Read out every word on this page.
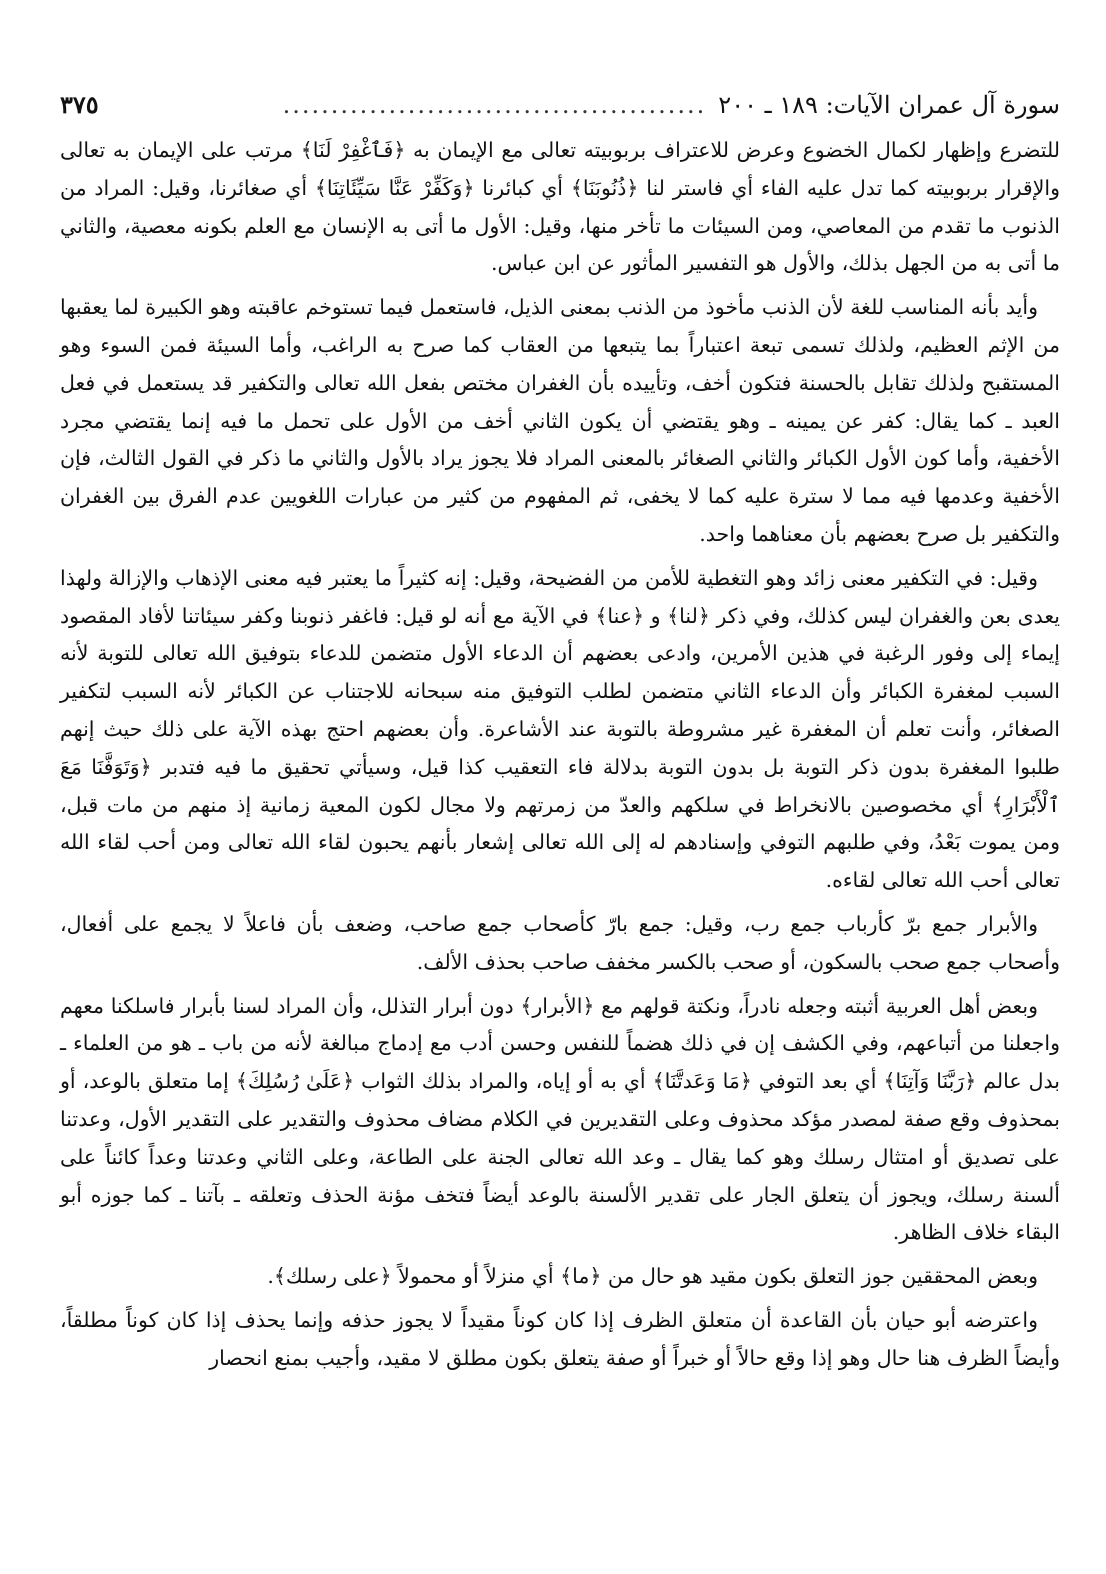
سورة آل عمران الآيات: ١٨٩ ـ ٢٠٠
............................................
٣٧٥

للتضرع وإظهار لكمال الخضوع وعرض للاعتراف بربوبيته تعالى مع الإيمان به ﴿فَٱغْفِرْ لَنَا﴾ مرتب على الإيمان به تعالى والإقرار بربوبيته كما تدل عليه الفاء أي فاستر لنا ﴿ذُنُوبَنَا﴾ أي كبائرنا ﴿وَكَفِّرْ عَنَّا سَيِّئَاتِنَا﴾ أي صغائرنا، وقيل: المراد من الذنوب ما تقدم من المعاصي، ومن السيئات ما تأخر منها، وقيل: الأول ما أتى به الإنسان مع العلم بكونه معصية، والثاني ما أتى به من الجهل بذلك، والأول هو التفسير المأثور عن ابن عباس.

وأيد بأنه المناسب للغة لأن الذنب مأخوذ من الذنب بمعنى الذيل، فاستعمل فيما تستوخم عاقبته وهو الكبيرة لما يعقبها من الإثم العظيم، ولذلك تسمى تبعة اعتباراً بما يتبعها من العقاب كما صرح به الراغب، وأما السيئة فمن السوء وهو المستقبح ولذلك تقابل بالحسنة فتكون أخف، وتأييده بأن الغفران مختص بفعل الله تعالى والتكفير قد يستعمل في فعل العبد ـ كما يقال: كفر عن يمينه ـ وهو يقتضي أن يكون الثاني أخف من الأول على تحمل ما فيه إنما يقتضي مجرد الأخفية، وأما كون الأول الكبائر والثاني الصغائر بالمعنى المراد فلا يجوز يراد بالأول والثاني ما ذكر في القول الثالث، فإن الأخفية وعدمها فيه مما لا سترة عليه كما لا يخفى، ثم المفهوم من كثير من عبارات اللغويين عدم الفرق بين الغفران والتكفير بل صرح بعضهم بأن معناهما واحد.

وقيل: في التكفير معنى زائد وهو التغطية للأمن من الفضيحة، وقيل: إنه كثيراً ما يعتبر فيه معنى الإذهاب والإزالة ولهذا يعدى بعن والغفران ليس كذلك، وفي ذكر ﴿لنا﴾ و ﴿عنا﴾ في الآية مع أنه لو قيل: فاغفر ذنوبنا وكفر سيئاتنا لأفاد المقصود إيماء إلى وفور الرغبة في هذين الأمرين، وادعى بعضهم أن الدعاء الأول متضمن للدعاء بتوفيق الله تعالى للتوبة لأنه السبب لمغفرة الكبائر وأن الدعاء الثاني متضمن لطلب التوفيق منه سبحانه للاجتناب عن الكبائر لأنه السبب لتكفير الصغائر، وأنت تعلم أن المغفرة غير مشروطة بالتوبة عند الأشاعرة. وأن بعضهم احتج بهذه الآية على ذلك حيث إنهم طلبوا المغفرة بدون ذكر التوبة بل بدون التوبة بدلالة فاء التعقيب كذا قيل، وسيأتي تحقيق ما فيه فتدبر ﴿وَتَوَفَّنَا مَعَ ٱلْأَبْرَارِ﴾ أي مخصوصين بالانخراط في سلكهم والعدّ من زمرتهم ولا مجال لكون المعية زمانية إذ منهم من مات قبل، ومن يموت بَعْدُ، وفي طلبهم التوفي وإسنادهم له إلى الله تعالى إشعار بأنهم يحبون لقاء الله تعالى ومن أحب لقاء الله تعالى أحب الله تعالى لقاءه.

والأبرار جمع برّ كأرباب جمع رب، وقيل: جمع بارّ كأصحاب جمع صاحب، وضعف بأن فاعلاً لا يجمع على أفعال، وأصحاب جمع صحب بالسكون، أو صحب بالكسر مخفف صاحب بحذف الألف.

وبعض أهل العربية أثبته وجعله نادراً، ونكتة قولهم مع ﴿الأبرار﴾ دون أبرار التذلل، وأن المراد لسنا بأبرار فاسلكنا معهم واجعلنا من أتباعهم، وفي الكشف إن في ذلك هضماً للنفس وحسن أدب مع إدماج مبالغة لأنه من باب ـ هو من العلماء ـ بدل عالم ﴿رَبَّنَا وَآتِنَا﴾ أي بعد التوفي ﴿مَا وَعَدتَّنَا﴾ أي به أو إياه، والمراد بذلك الثواب ﴿عَلَىٰ رُسُلِكَ﴾ إما متعلق بالوعد، أو بمحذوف وقع صفة لمصدر مؤكد محذوف وعلى التقديرين في الكلام مضاف محذوف والتقدير على التقدير الأول، وعدتنا على تصديق أو امتثال رسلك وهو كما يقال ـ وعد الله تعالى الجنة على الطاعة، وعلى الثاني وعدتنا وعداً كائناً على ألسنة رسلك، ويجوز أن يتعلق الجار على تقدير الألسنة بالوعد أيضاً فتخف مؤنة الحذف وتعلقه ـ بآتنا ـ كما جوزه أبو البقاء خلاف الظاهر.

وبعض المحققين جوز التعلق بكون مقيد هو حال من ﴿ما﴾ أي منزلاً أو محمولاً ﴿على رسلك﴾.

واعترضه أبو حيان بأن القاعدة أن متعلق الظرف إذا كان كوناً مقيداً لا يجوز حذفه وإنما يحذف إذا كان كوناً مطلقاً، وأيضاً الظرف هنا حال وهو إذا وقع حالاً أو خبراً أو صفة يتعلق بكون مطلق لا مقيد، وأجيب بمنع انحصار
